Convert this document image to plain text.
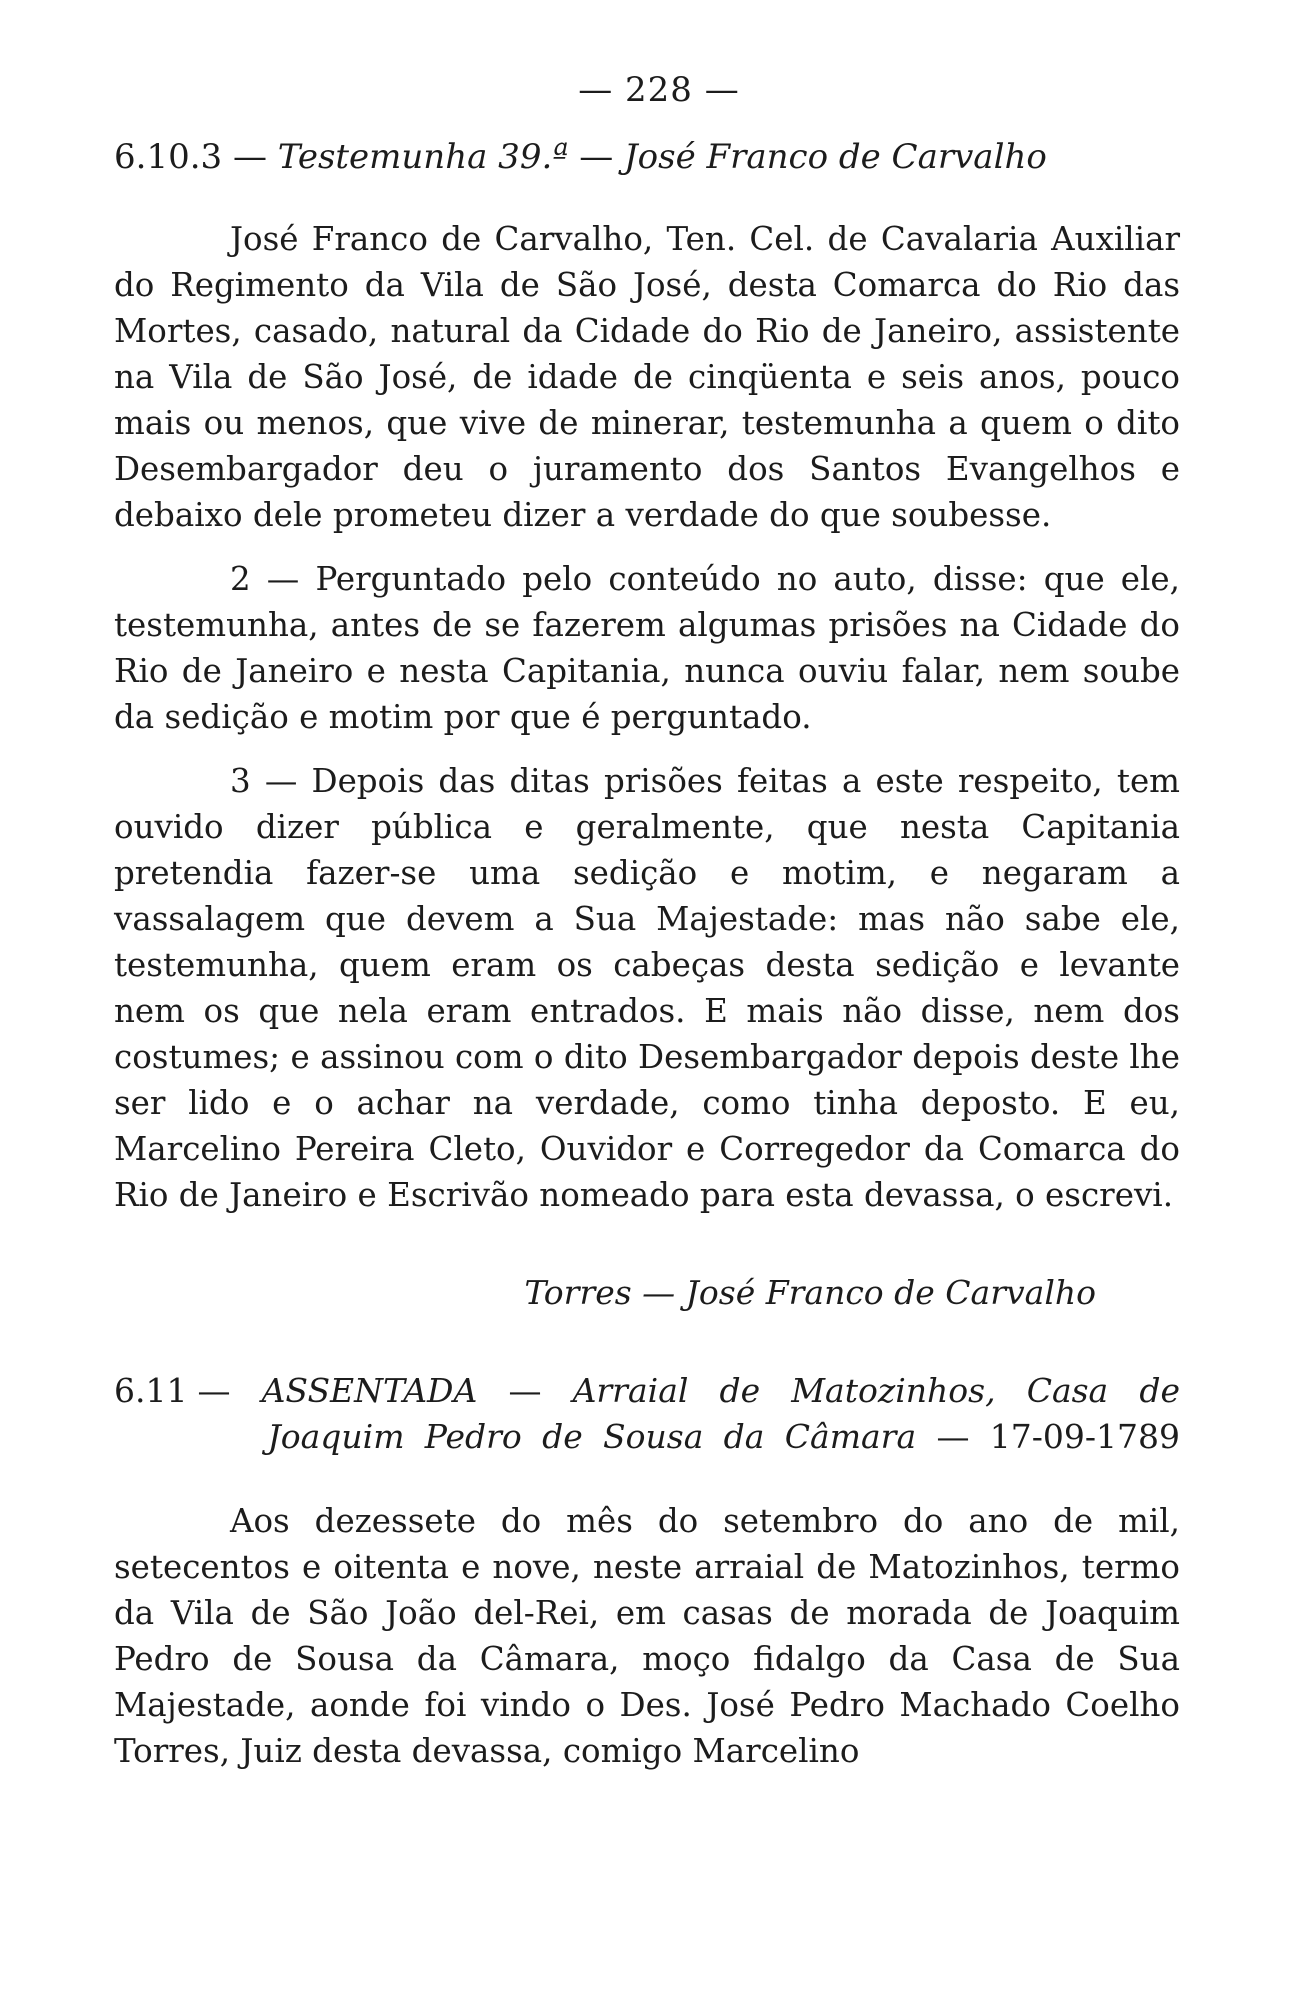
— 228 —
6.10.3 — Testemunha 39.ª — José Franco de Carvalho

José Franco de Carvalho, Ten. Cel. de Cavalaria Auxiliar do Regimento da Vila de São José, desta Comarca do Rio das Mortes, casado, natural da Cidade do Rio de Janeiro, assistente na Vila de São José, de idade de cinqüenta e seis anos, pouco mais ou menos, que vive de minerar, testemunha a quem o dito Desembargador deu o juramento dos Santos Evangelhos e debaixo dele prometeu dizer a verdade do que soubesse.

2 — Perguntado pelo conteúdo no auto, disse: que ele, testemunha, antes de se fazerem algumas prisões na Cidade do Rio de Janeiro e nesta Capitania, nunca ouviu falar, nem soube da sedição e motim por que é perguntado.

3 — Depois das ditas prisões feitas a este respeito, tem ouvido dizer pública e geralmente, que nesta Capitania pretendia fazer-se uma sedição e motim, e negaram a vassalagem que devem a Sua Majestade: mas não sabe ele, testemunha, quem eram os cabeças desta sedição e levante nem os que nela eram entrados. E mais não disse, nem dos costumes; e assinou com o dito Desembargador depois deste lhe ser lido e o achar na verdade, como tinha deposto. E eu, Marcelino Pereira Cleto, Ouvidor e Corregedor da Comarca do Rio de Janeiro e Escrivão nomeado para esta devassa, o escrevi.

Torres — José Franco de Carvalho
6.11 — ASSENTADA — Arraial de Matozinhos, Casa de
Joaquim Pedro de Sousa da Câmara — 17-09-1789

Aos dezessete do mês do setembro do ano de mil, setecentos e oitenta e nove, neste arraial de Matozinhos, termo da Vila de São João del-Rei, em casas de morada de Joaquim Pedro de Sousa da Câmara, moço fidalgo da Casa de Sua Majestade, aonde foi vindo o Des. José Pedro Machado Coelho Torres, Juiz desta devassa, comigo Marcelino
